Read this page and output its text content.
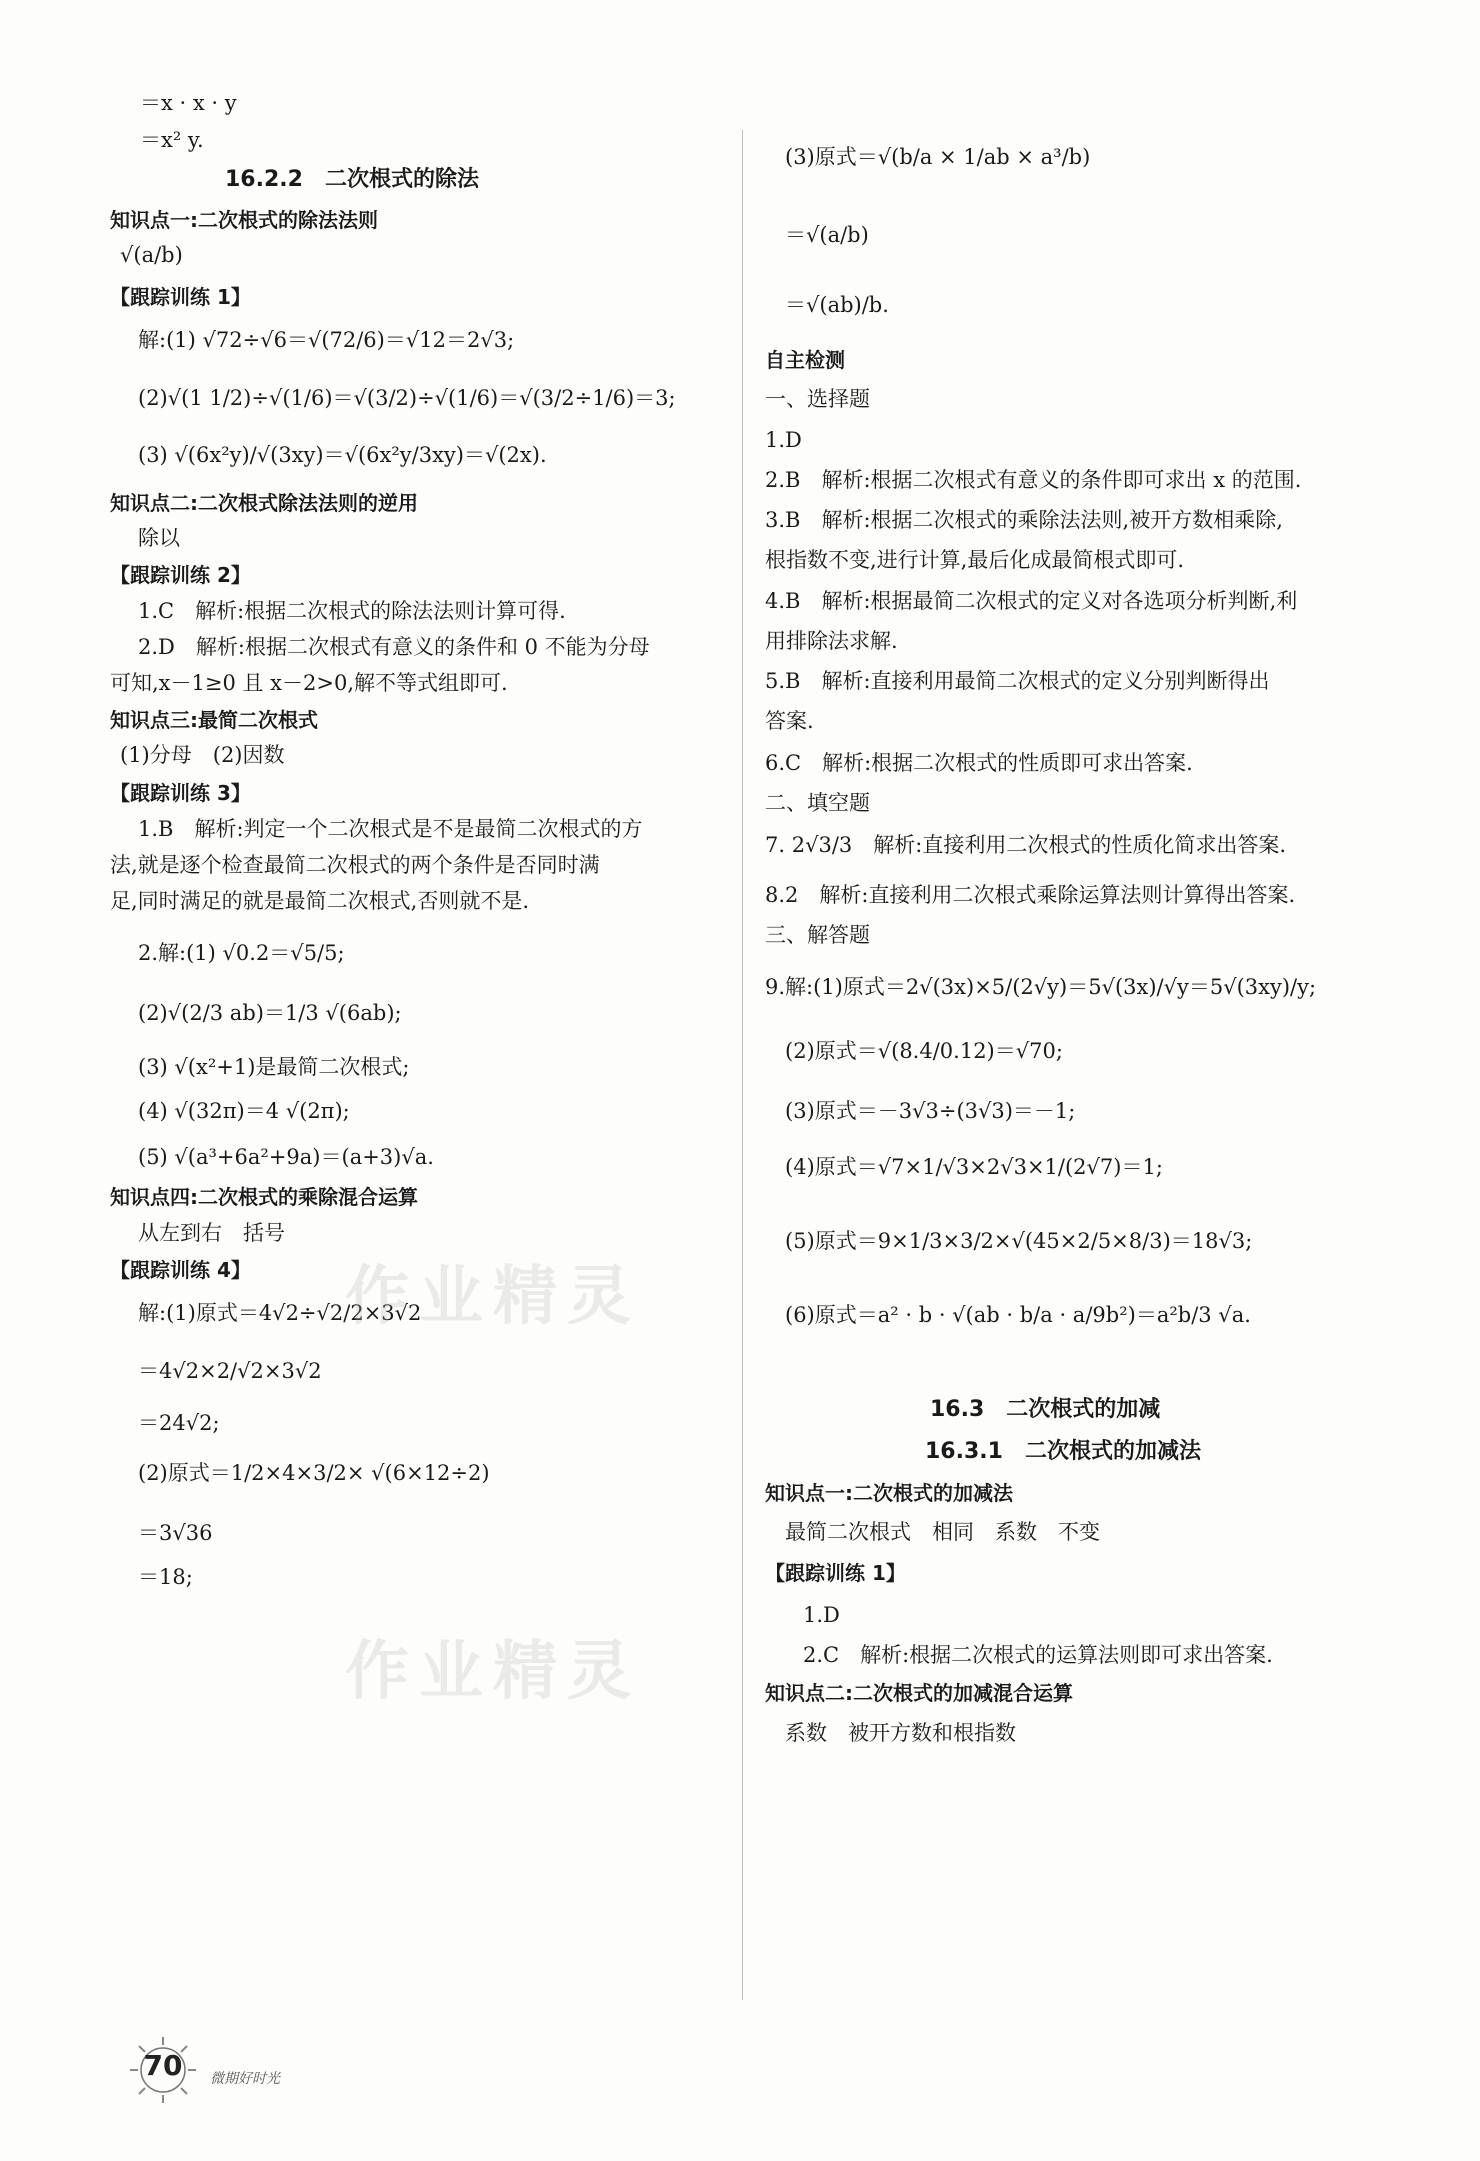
＝x · x · y
＝x² y.
16.2.2　二次根式的除法
知识点一:二次根式的除法法则
√(a/b)
【跟踪训练 1】
解:(1) √72÷√6＝√(72/6)＝√12＝2√3;
(2)√(1 1/2)÷√(1/6)＝√(3/2)÷√(1/6)＝√(3/2÷1/6)＝3;
(3) √(6x²y)/√(3xy)＝√(6x²y/3xy)＝√(2x).
知识点二:二次根式除法法则的逆用
除以
【跟踪训练 2】
1.C　解析:根据二次根式的除法法则计算可得.
2.D　解析:根据二次根式有意义的条件和 0 不能为分母
可知,x－1≥0 且 x－2>0,解不等式组即可.
知识点三:最简二次根式
(1)分母　(2)因数
【跟踪训练 3】
1.B　解析:判定一个二次根式是不是最简二次根式的方
法,就是逐个检查最简二次根式的两个条件是否同时满
足,同时满足的就是最简二次根式,否则就不是.
2.解:(1) √0.2＝√5/5;
(2)√(2/3 ab)＝1/3 √(6ab);
(3) √(x²+1)是最简二次根式;
(4) √(32π)＝4 √(2π);
(5) √(a³+6a²+9a)＝(a+3)√a.
知识点四:二次根式的乘除混合运算
从左到右　括号
【跟踪训练 4】
解:(1)原式＝4√2÷√2/2×3√2
＝4√2×2/√2×3√2
＝24√2;
(2)原式＝1/2×4×3/2× √(6×12÷2)
＝3√36
＝18;
(3)原式＝√(b/a × 1/ab × a³/b)
＝√(a/b)
＝√(ab)/b.
自主检测
一、选择题
1.D
2.B　解析:根据二次根式有意义的条件即可求出 x 的范围.
3.B　解析:根据二次根式的乘除法法则,被开方数相乘除,
根指数不变,进行计算,最后化成最简根式即可.
4.B　解析:根据最简二次根式的定义对各选项分析判断,利
用排除法求解.
5.B　解析:直接利用最简二次根式的定义分别判断得出
答案.
6.C　解析:根据二次根式的性质即可求出答案.
二、填空题
7. 2√3/3　解析:直接利用二次根式的性质化简求出答案.
8.2　解析:直接利用二次根式乘除运算法则计算得出答案.
三、解答题
9.解:(1)原式＝2√(3x)×5/(2√y)＝5√(3x)/√y＝5√(3xy)/y;
(2)原式＝√(8.4/0.12)＝√70;
(3)原式＝－3√3÷(3√3)＝－1;
(4)原式＝√7×1/√3×2√3×1/(2√7)＝1;
(5)原式＝9×1/3×3/2×√(45×2/5×8/3)＝18√3;
(6)原式＝a² · b · √(ab · b/a · a/9b²)＝a²b/3 √a.
16.3　二次根式的加减
16.3.1　二次根式的加减法
知识点一:二次根式的加减法
最简二次根式　相同　系数　不变
【跟踪训练 1】
1.D
2.C　解析:根据二次根式的运算法则即可求出答案.
知识点二:二次根式的加减混合运算
系数　被开方数和根指数
作业精灵
作业精灵
70	微期好时光
